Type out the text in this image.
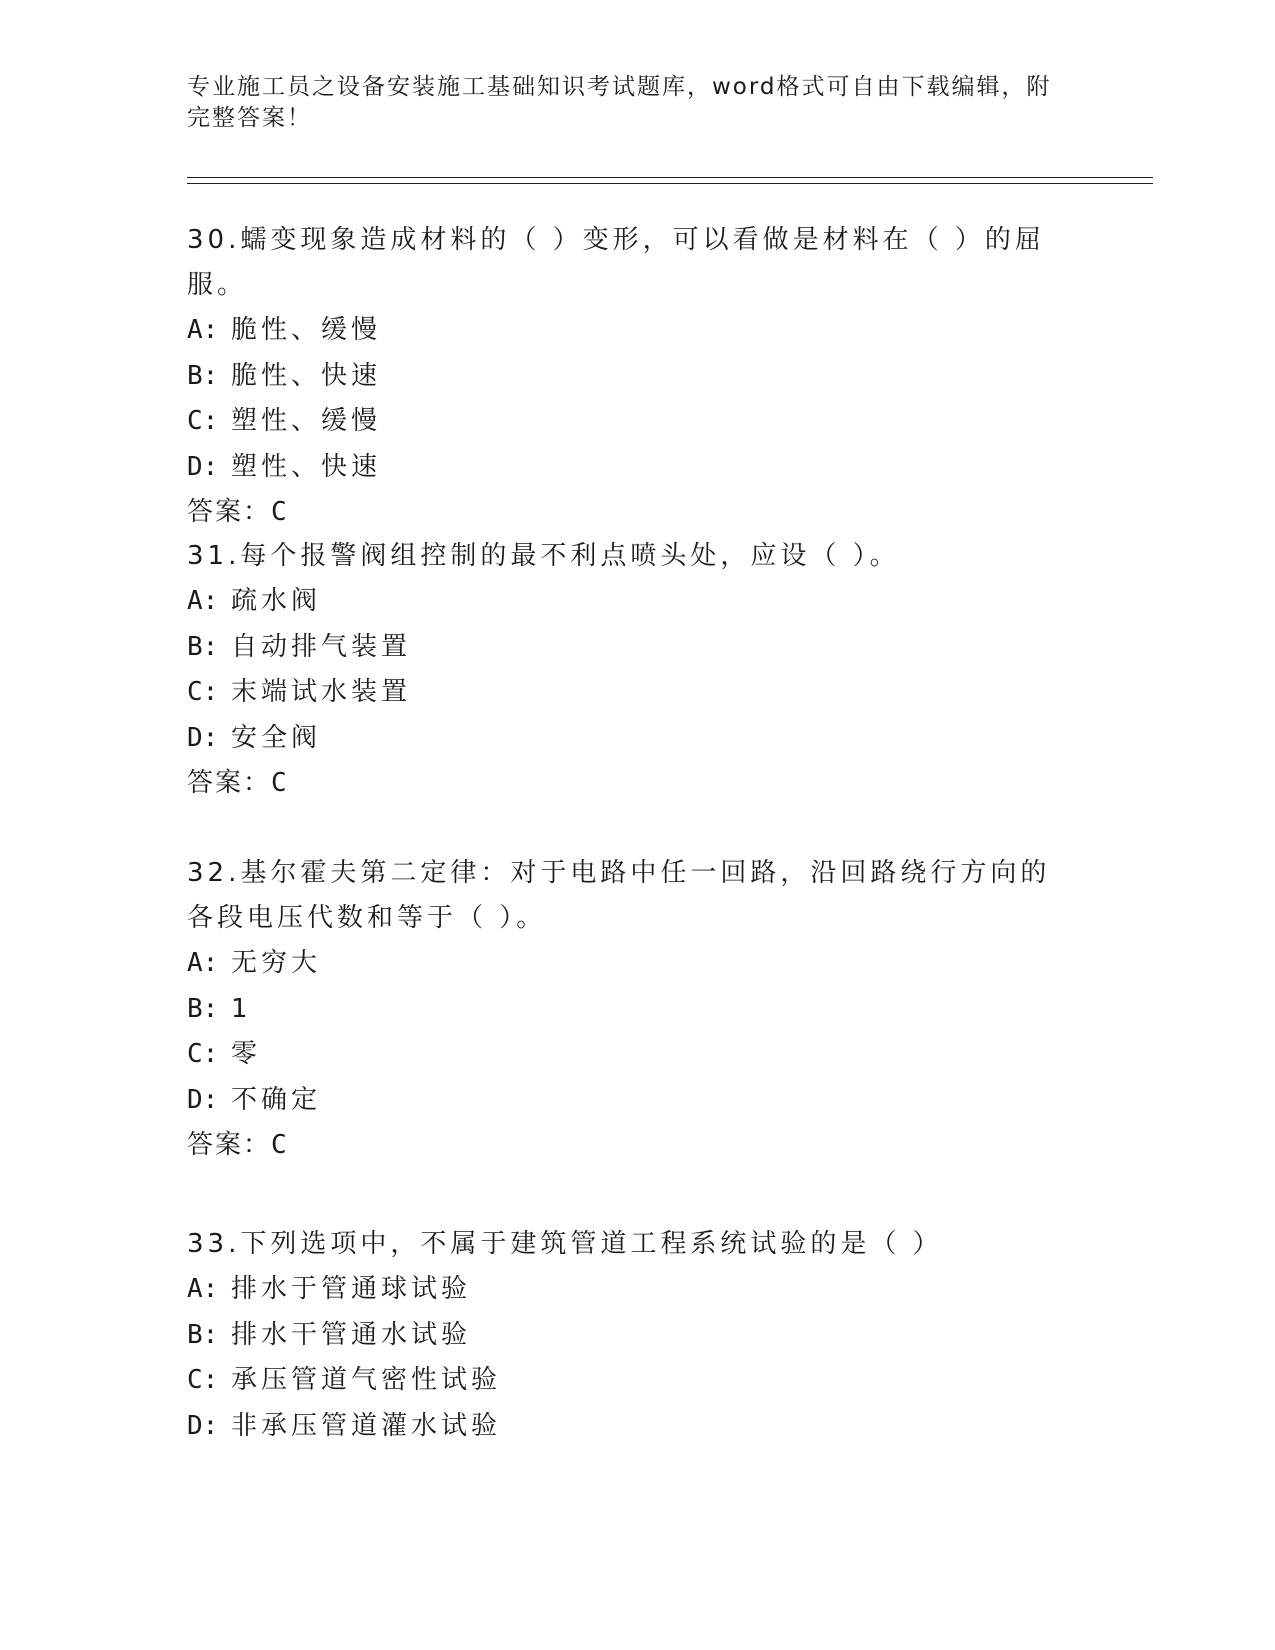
专业施工员之设备安装施工基础知识考试题库，word格式可自由下载编辑，附完整答案！

30.蠕变现象造成材料的（ ）变形，可以看做是材料在（ ）的屈服。

A: 脆性、缓慢

B: 脆性、快速

C: 塑性、缓慢

D: 塑性、快速

答案：C

31.每个报警阀组控制的最不利点喷头处，应设（ ）。

A: 疏水阀

B: 自动排气装置

C: 末端试水装置

D: 安全阀

答案：C

32.基尔霍夫第二定律：对于电路中任一回路，沿回路绕行方向的各段电压代数和等于（ ）。

A: 无穷大

B: 1

C: 零

D: 不确定

答案：C

33.下列选项中，不属于建筑管道工程系统试验的是（ ）

A: 排水于管通球试验

B: 排水干管通水试验

C: 承压管道气密性试验

D: 非承压管道灌水试验
